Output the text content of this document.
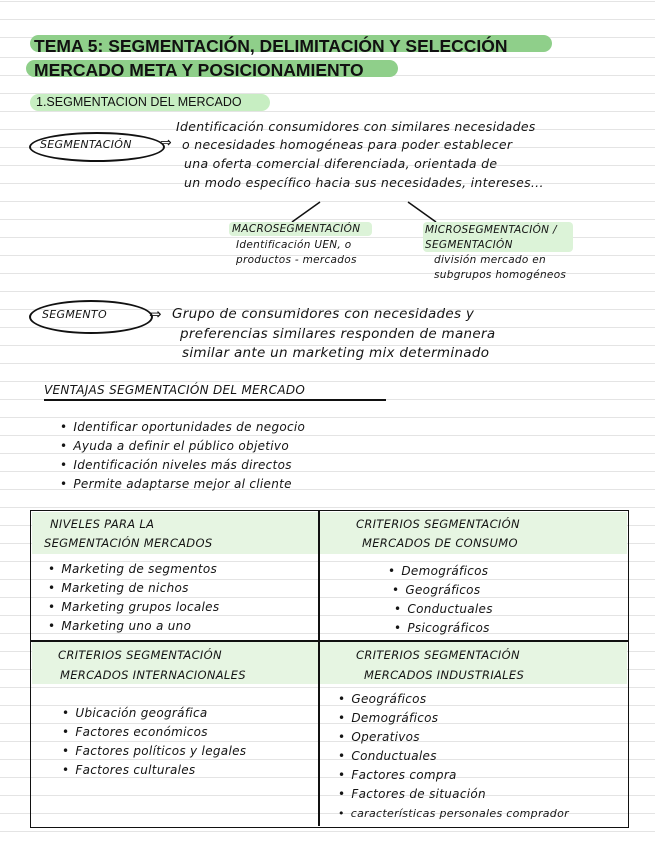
TEMA 5: SEGMENTACIÓN, DELIMITACIÓN Y SELECCIÓN
MERCADO META Y POSICIONAMIENTO
1.SEGMENTACION DEL MERCADO
SEGMENTACIÓN ⇒
Identificación consumidores con similares necesidades
o necesidades homogéneas para poder establecer
una oferta comercial diferenciada, orientada de
un modo específico hacia sus necesidades, intereses...
MACROSEGMENTACIÓN
Identificación UEN, o
productos - mercados
MICROSEGMENTACIÓN / SEGMENTACIÓN
división mercado en
subgrupos homogéneos
SEGMENTO	⇒ Grupo de consumidores con necesidades y
preferencias similares responden de manera
similar ante un marketing mix determinado
VENTAJAS SEGMENTACIÓN DEL MERCADO
• Identificar oportunidades de negocio
• Ayuda a definir el público objetivo
• Identificación niveles más directos
• Permite adaptarse mejor al cliente
NIVELES PARA LA
SEGMENTACIÓN MERCADOS
• Marketing de segmentos
• Marketing de nichos
• Marketing grupos locales
• Marketing uno a uno
CRITERIOS SEGMENTACIÓN
MERCADOS DE CONSUMO
• Demográficos
• Geográficos
• Conductuales
• Psicográficos
CRITERIOS SEGMENTACIÓN
MERCADOS INTERNACIONALES
• Ubicación geográfica
• Factores económicos
• Factores políticos y legales
• Factores culturales
CRITERIOS SEGMENTACIÓN
MERCADOS INDUSTRIALES
• Geográficos
• Demográficos
• Operativos
• Conductuales
• Factores compra
• Factores de situación
• características personales comprador
